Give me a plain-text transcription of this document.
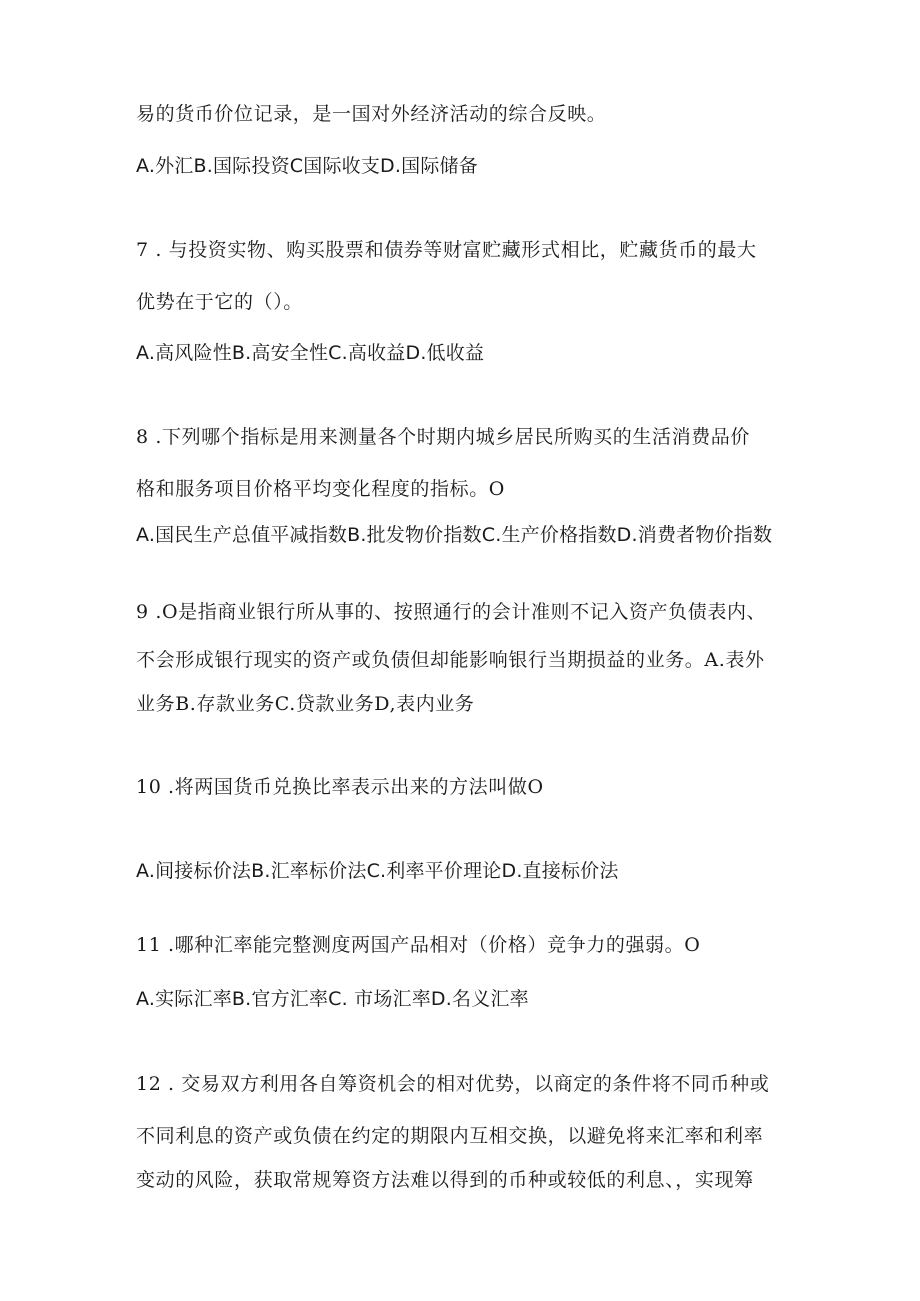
易的货币价位记录，是一国对外经济活动的综合反映。
A.外汇B.国际投资C国际收支D.国际储备
7 . 与投资实物、购买股票和债券等财富贮藏形式相比，贮藏货币的最大
优势在于它的（）。
A.高风险性B.高安全性C.高收益D.低收益
8 .下列哪个指标是用来测量各个时期内城乡居民所购买的生活消费品价
格和服务项目价格平均变化程度的指标。O
A.国民生产总值平减指数B.批发物价指数C.生产价格指数D.消费者物价指数
9 .O是指商业银行所从事的、按照通行的会计准则不记入资产负债表内、
不会形成银行现实的资产或负债但却能影响银行当期损益的业务。A.表外
业务B.存款业务C.贷款业务D,表内业务
10 .将两国货币兑换比率表示出来的方法叫做O
A.间接标价法B.汇率标价法C.利率平价理论D.直接标价法
11 .哪种汇率能完整测度两国产品相对（价格）竞争力的强弱。O
A.实际汇率B.官方汇率C. 市场汇率D.名义汇率
12 . 交易双方利用各自筹资机会的相对优势，以商定的条件将不同币种或
不同利息的资产或负债在约定的期限内互相交换，以避免将来汇率和利率
变动的风险，获取常规筹资方法难以得到的币种或较低的利息、，实现筹
